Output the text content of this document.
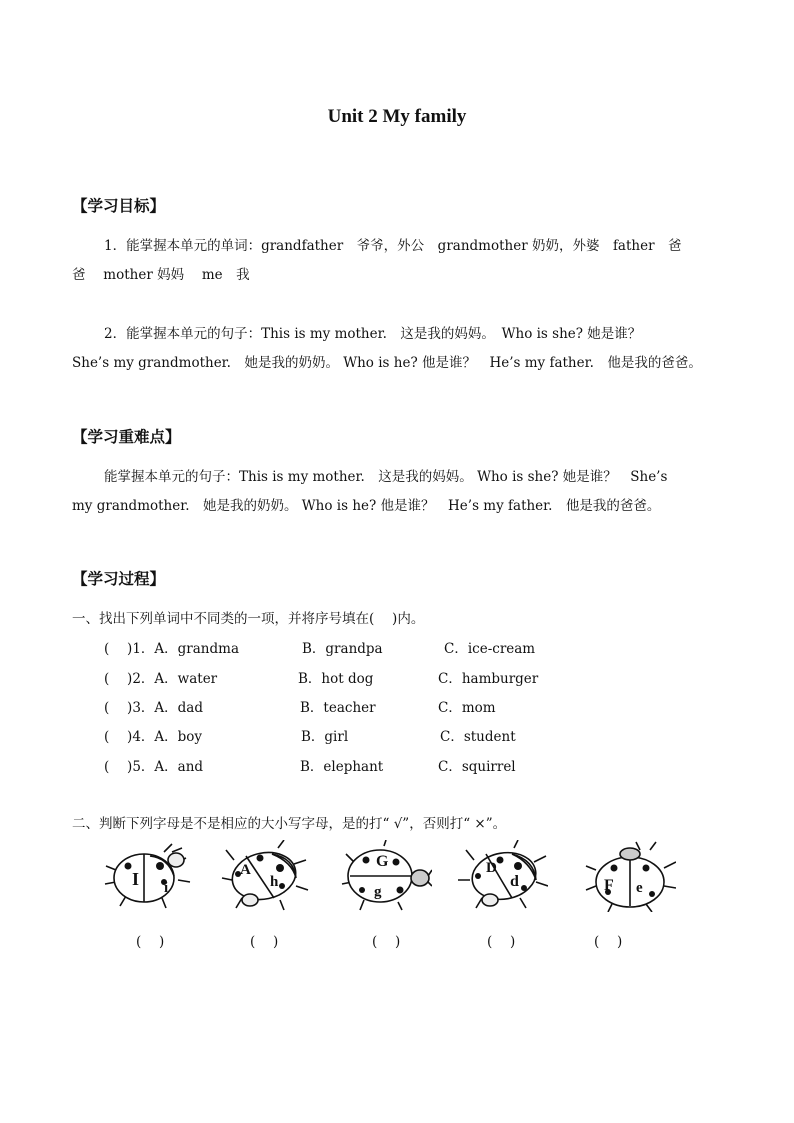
Unit 2 My family
【学习目标】
1．能掌握本单元的单词：grandfather　爷爷，外公　grandmother 奶奶，外婆　father　爸
爸　 mother 妈妈　 me　我
2．能掌握本单元的句子：This is my mother.　这是我的妈妈。　Who is she? 她是谁？
She’s my grandmother.　她是我的奶奶。 Who is he? 他是谁？　He’s my father.　他是我的爸爸。
【学习重难点】
能掌握本单元的句子：This is my mother.　这是我的妈妈。 Who is she? 她是谁？　She’s
my grandmother.　她是我的奶奶。 Who is he? 他是谁？　He’s my father.　他是我的爸爸。
【学习过程】
一、找出下列单词中不同类的一项，并将序号填在(　 )内。
(　 )1．A．grandma	B．grandpa	C．ice-cream
(　 )2．A．water	B．hot dog	C．hamburger
(　 )3．A．dad	B．teacher	C．mom
(　 )4．A．boy	B．girl	C．student
(　 )5．A．and	B．elephant	C．squirrel
二、判断下列字母是不是相应的大小写字母，是的打“ √”，否则打“ ×”。
I i
A
h
G
g
D
d	F e
(　 )	(　 )	(　 )	(　 )	(　 )
